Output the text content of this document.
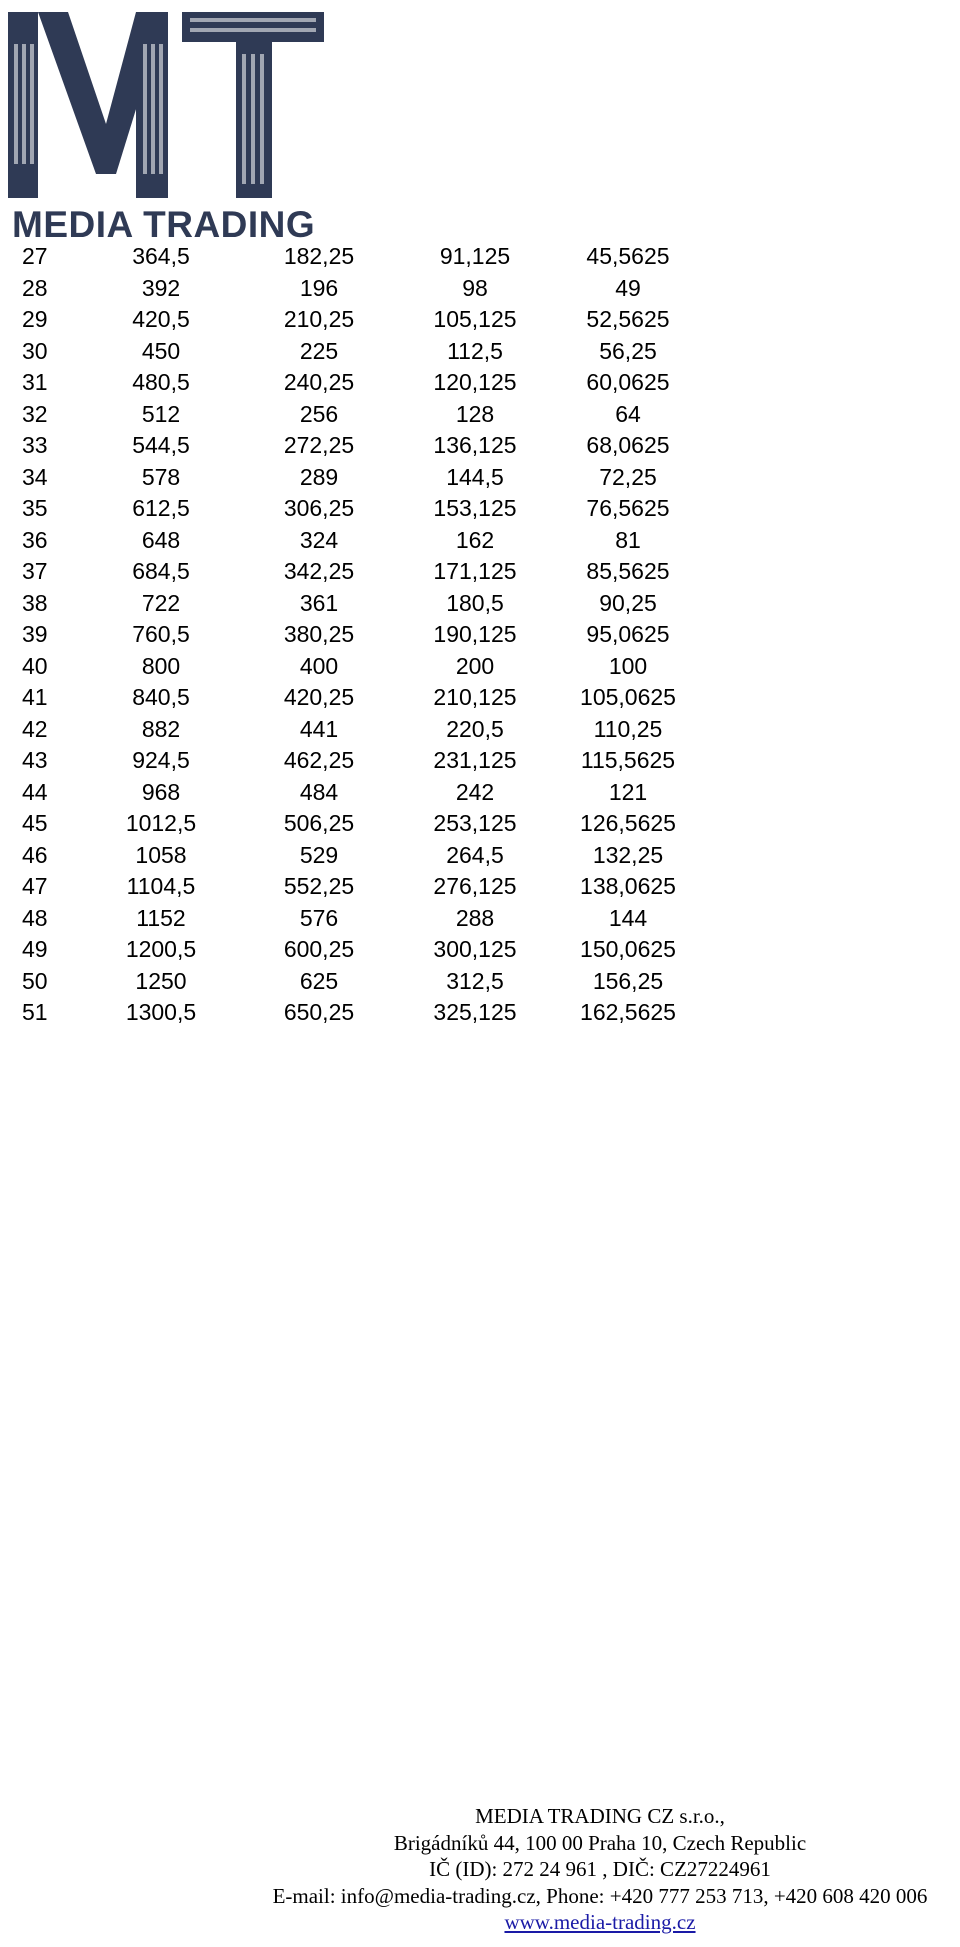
MEDIA TRADING
27	364,5	182,25	91,125	45,5625
28	392	196	98	49
29	420,5	210,25	105,125	52,5625
30	450	225	112,5	56,25
31	480,5	240,25	120,125	60,0625
32	512	256	128	64
33	544,5	272,25	136,125	68,0625
34	578	289	144,5	72,25
35	612,5	306,25	153,125	76,5625
36	648	324	162	81
37	684,5	342,25	171,125	85,5625
38	722	361	180,5	90,25
39	760,5	380,25	190,125	95,0625
40	800	400	200	100
41	840,5	420,25	210,125	105,0625
42	882	441	220,5	110,25
43	924,5	462,25	231,125	115,5625
44	968	484	242	121
45	1012,5	506,25	253,125	126,5625
46	1058	529	264,5	132,25
47	1104,5	552,25	276,125	138,0625
48	1152	576	288	144
49	1200,5	600,25	300,125	150,0625
50	1250	625	312,5	156,25
51	1300,5	650,25	325,125	162,5625
MEDIA TRADING CZ s.r.o.,
Brigádníků 44, 100 00 Praha 10, Czech Republic
IČ (ID): 272 24 961 , DIČ: CZ27224961
E-mail: info@media-trading.cz, Phone: +420 777 253 713, +420 608 420 006
www.media-trading.cz
